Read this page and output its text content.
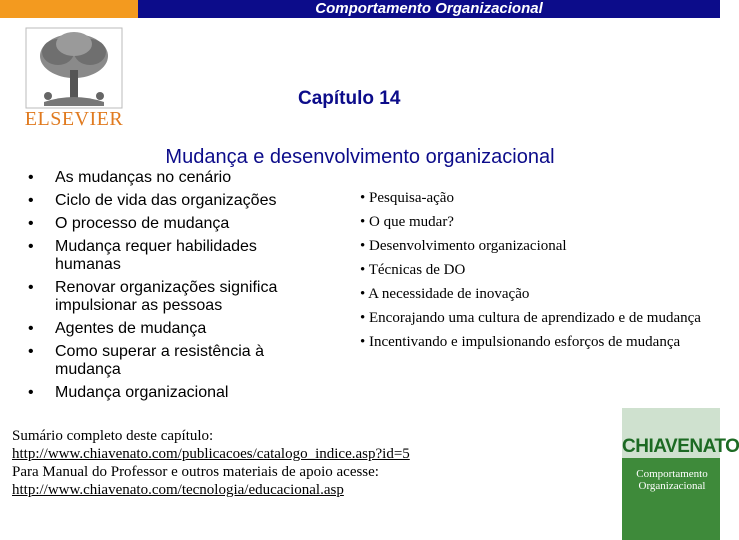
Comportamento Organizacional
ELSEVIER
Capítulo 14
Mudança e desenvolvimento organizacional
• As mudanças no cenário
• Ciclo de vida das organizações
• O processo de mudança
• Mudança requer habilidades humanas
• Renovar organizações significa impulsionar as pessoas
• Agentes de mudança
• Como superar a resistência à mudança
• Mudança organizacional
• Pesquisa-ação
• O que mudar?
• Desenvolvimento organizacional
• Técnicas de DO
• A necessidade de inovação
• Encorajando uma cultura de aprendizado e de mudança
• Incentivando e impulsionando esforços de mudança
Sumário completo deste capítulo:
http://www.chiavenato.com/publicacoes/catalogo_indice.asp?id=5
Para Manual do Professor e outros materiais de apoio acesse:
http://www.chiavenato.com/tecnologia/educacional.asp
CHIAVENATO
Comportamento Organizacional
